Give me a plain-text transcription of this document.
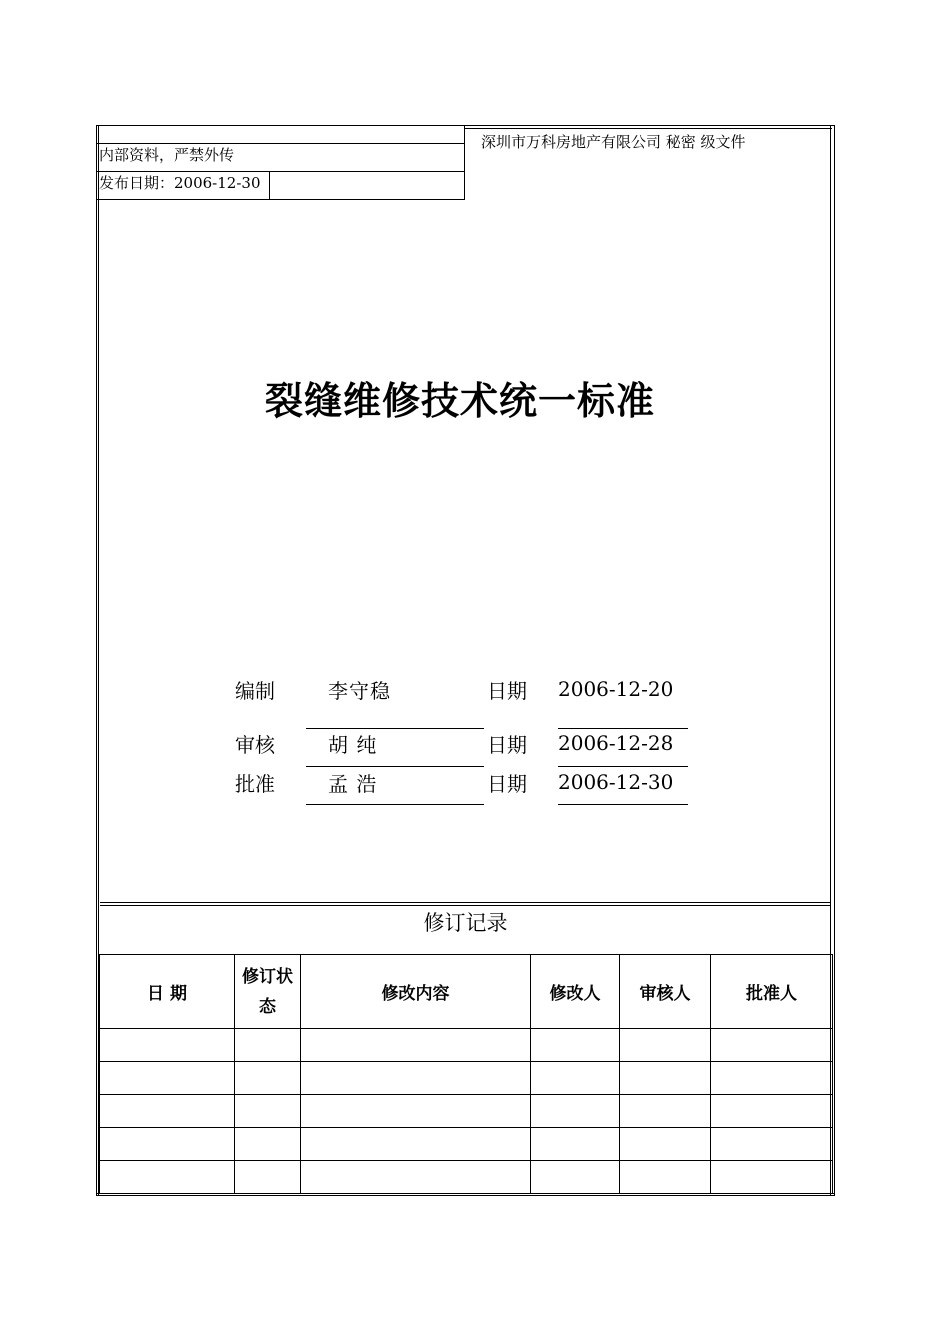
内部资料，严禁外传
发布日期：2006-12-30
深圳市万科房地产有限公司 秘密 级文件
裂缝维修技术统一标准
编制	李守稳	日期 2006-12-20
审核	胡 纯	日期 2006-12-28
批准	孟 浩	日期 2006-12-30
修订记录
日 期	修订状态	修改内容	修改人	审核人	批准人
